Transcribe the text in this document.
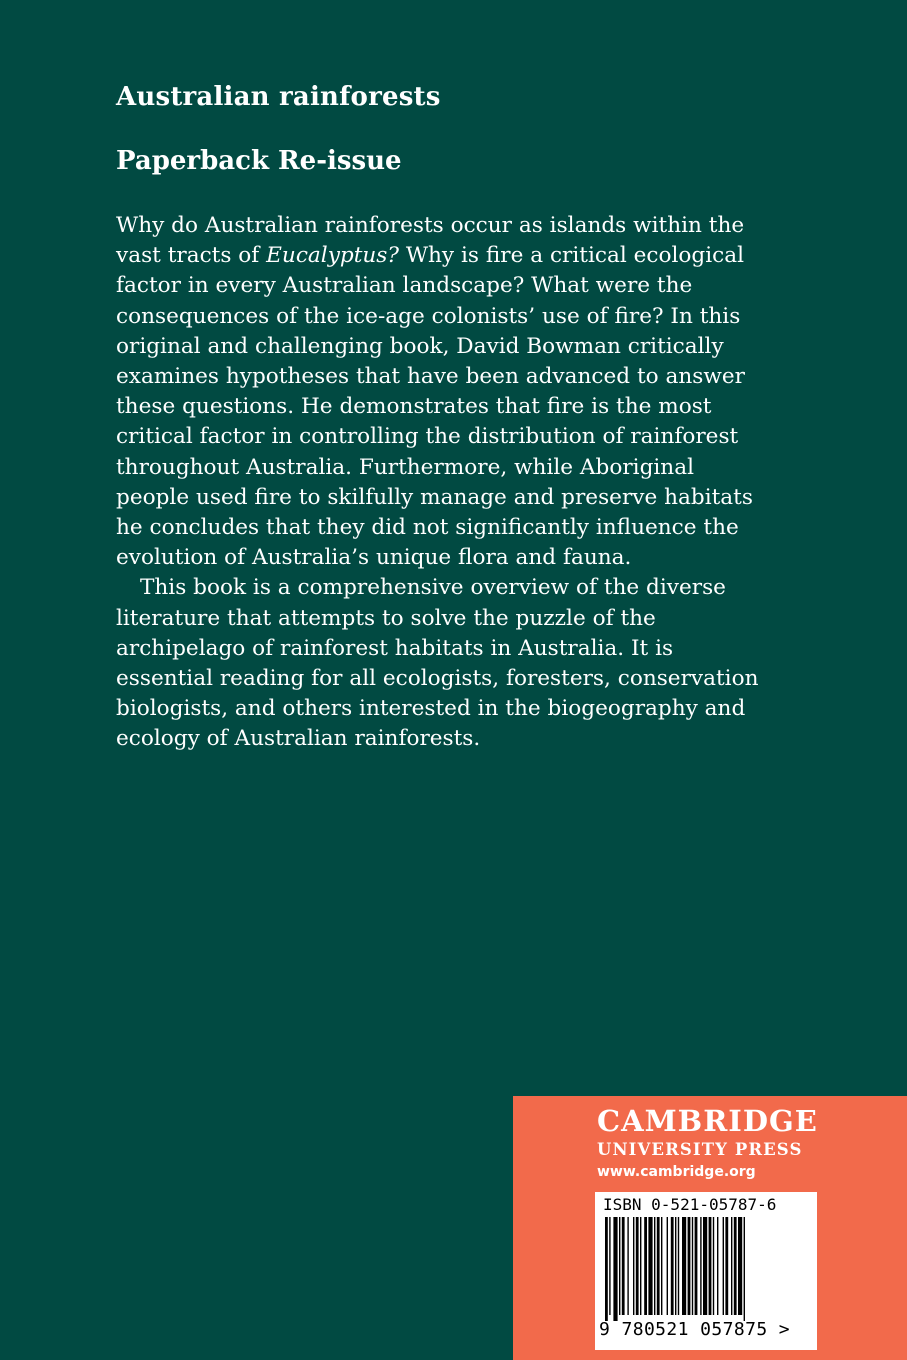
Australian rainforests
Paperback Re-issue

Why do Australian rainforests occur as islands within the
vast tracts of Eucalyptus? Why is fire a critical ecological
factor in every Australian landscape? What were the
consequences of the ice-age colonists’ use of fire? In this
original and challenging book, David Bowman critically
examines hypotheses that have been advanced to answer
these questions. He demonstrates that fire is the most
critical factor in controlling the distribution of rainforest
throughout Australia. Furthermore, while Aboriginal
people used fire to skilfully manage and preserve habitats
he concludes that they did not significantly influence the
evolution of Australia’s unique flora and fauna.

This book is a comprehensive overview of the diverse

literature that attempts to solve the puzzle of the
archipelago of rainforest habitats in Australia. It is
essential reading for all ecologists, foresters, conservation
biologists, and others interested in the biogeography and
ecology of Australian rainforests.

CAMBRIDGE
UNIVERSITY PRESS
www.cambridge.org
ISBN 0-521-05787-6
9 780521 057875 >
